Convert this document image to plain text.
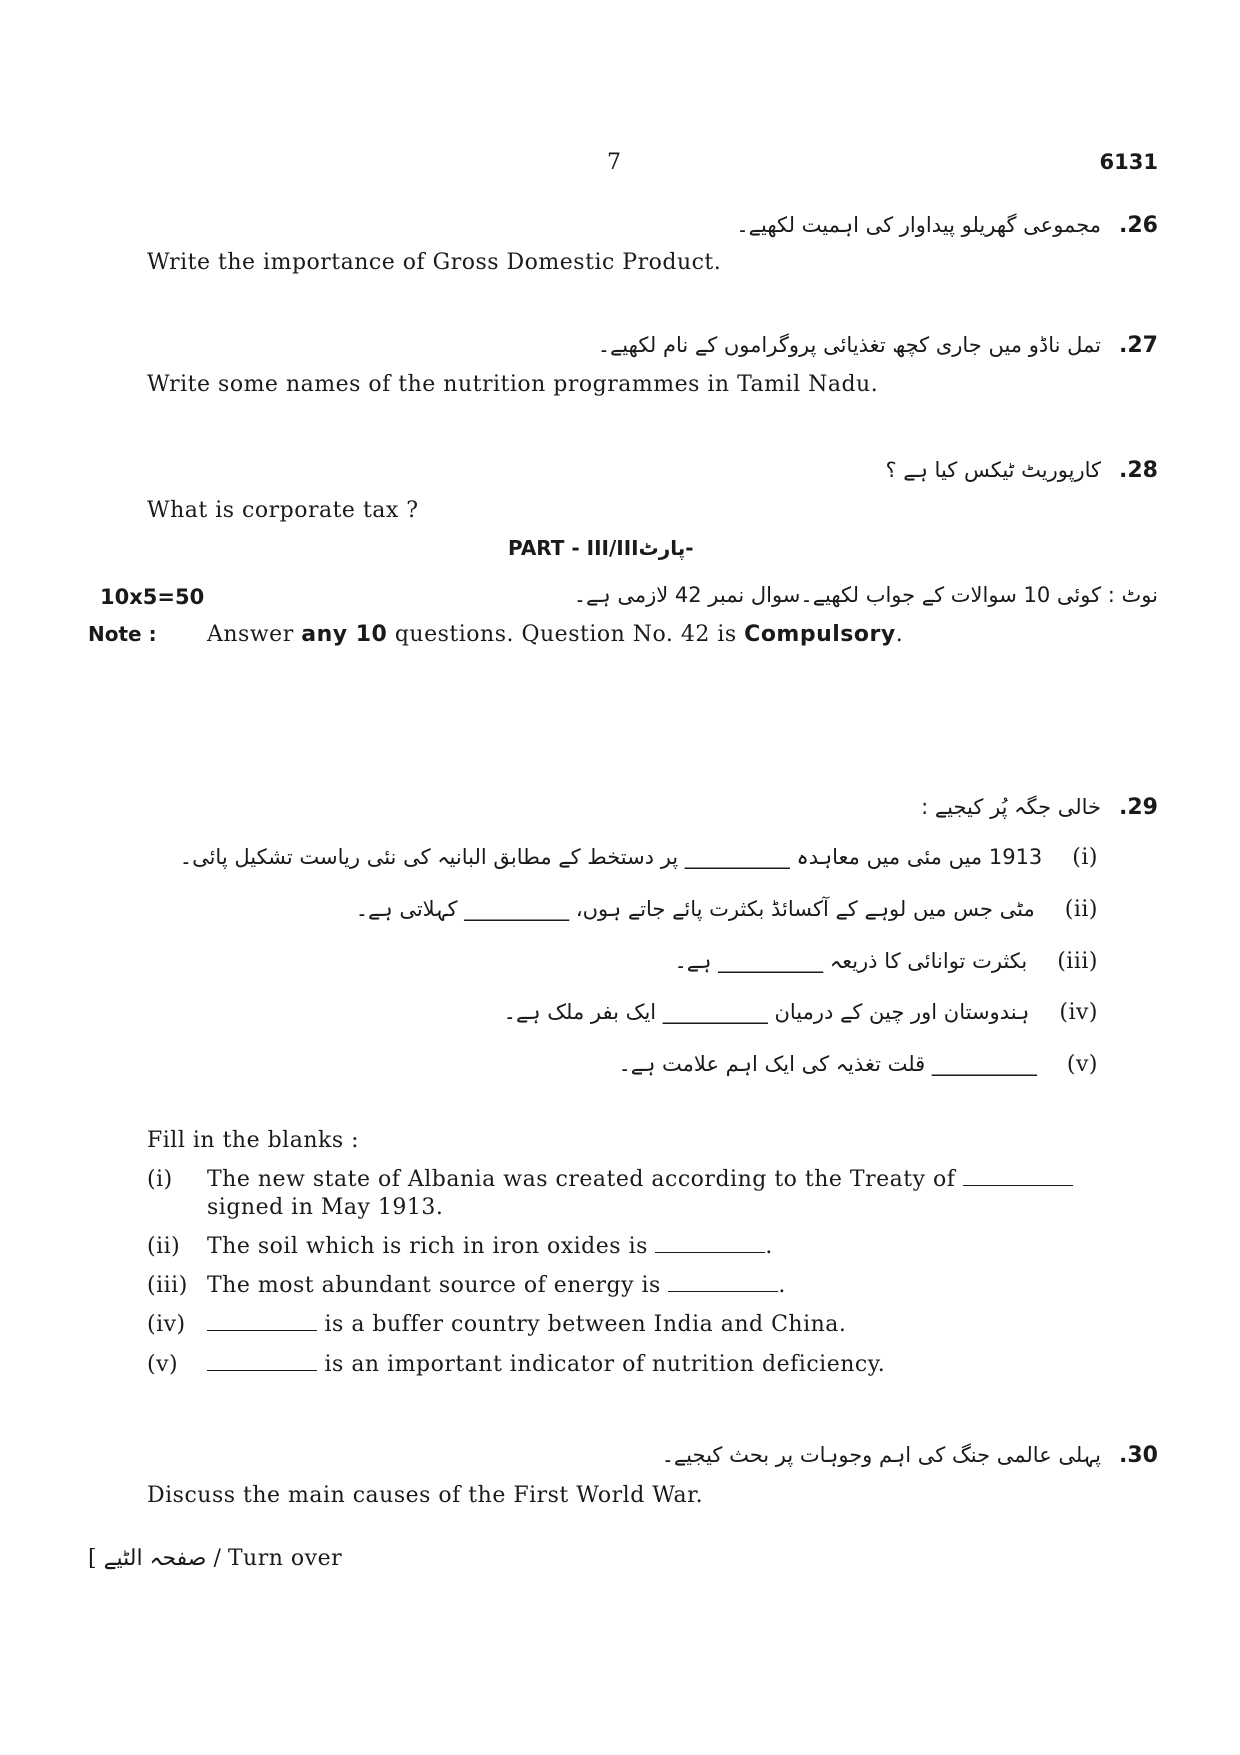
7	6131
مجموعی گھریلو پیداوار کی اہمیت لکھیے۔ .26
Write the importance of Gross Domestic Product.
تمل ناڈو میں جاری کچھ تغذیائی پروگراموں کے نام لکھیے۔ .27
Write some names of the nutrition programmes in Tamil Nadu.
کارپوریٹ ٹیکس کیا ہے ؟ .28
What is corporate tax ?
PART - III/III -پارٹ
10x5=50	نوٹ : کوئی 10 سوالات کے جواب لکھیے۔سوال نمبر 42 لازمی ہے۔
Note : Answer any 10 questions. Question No. 42 is Compulsory.
خالی جگہ پُر کیجیے : .29
1913 میں مئی میں معاہدہ __________ پر دستخط کے مطابق البانیہ کی نئی ریاست تشکیل پائی۔ (i)
مٹی جس میں لوہے کے آکسائڈ بکثرت پائے جاتے ہوں، __________ کہلاتی ہے۔ (ii)
بکثرت توانائی کا ذریعہ __________ ہے۔ (iii)
ہندوستان اور چین کے درمیان __________ ایک بفر ملک ہے۔ (iv)
__________ قلت تغذیہ کی ایک اہم علامت ہے۔ (v)
Fill in the blanks :
(i) The new state of Albania was created according to the Treaty of
signed in May 1913.
(ii) The soil which is rich in iron oxides is	.
(iii) The most abundant source of energy is	.
(iv)	is a buffer country between India and China.
(v)	is an important indicator of nutrition deficiency.
پہلی عالمی جنگ کی اہم وجوہات پر بحث کیجیے۔ .30
Discuss the main causes of the First World War.
[ صفحہ الٹیے / Turn over
